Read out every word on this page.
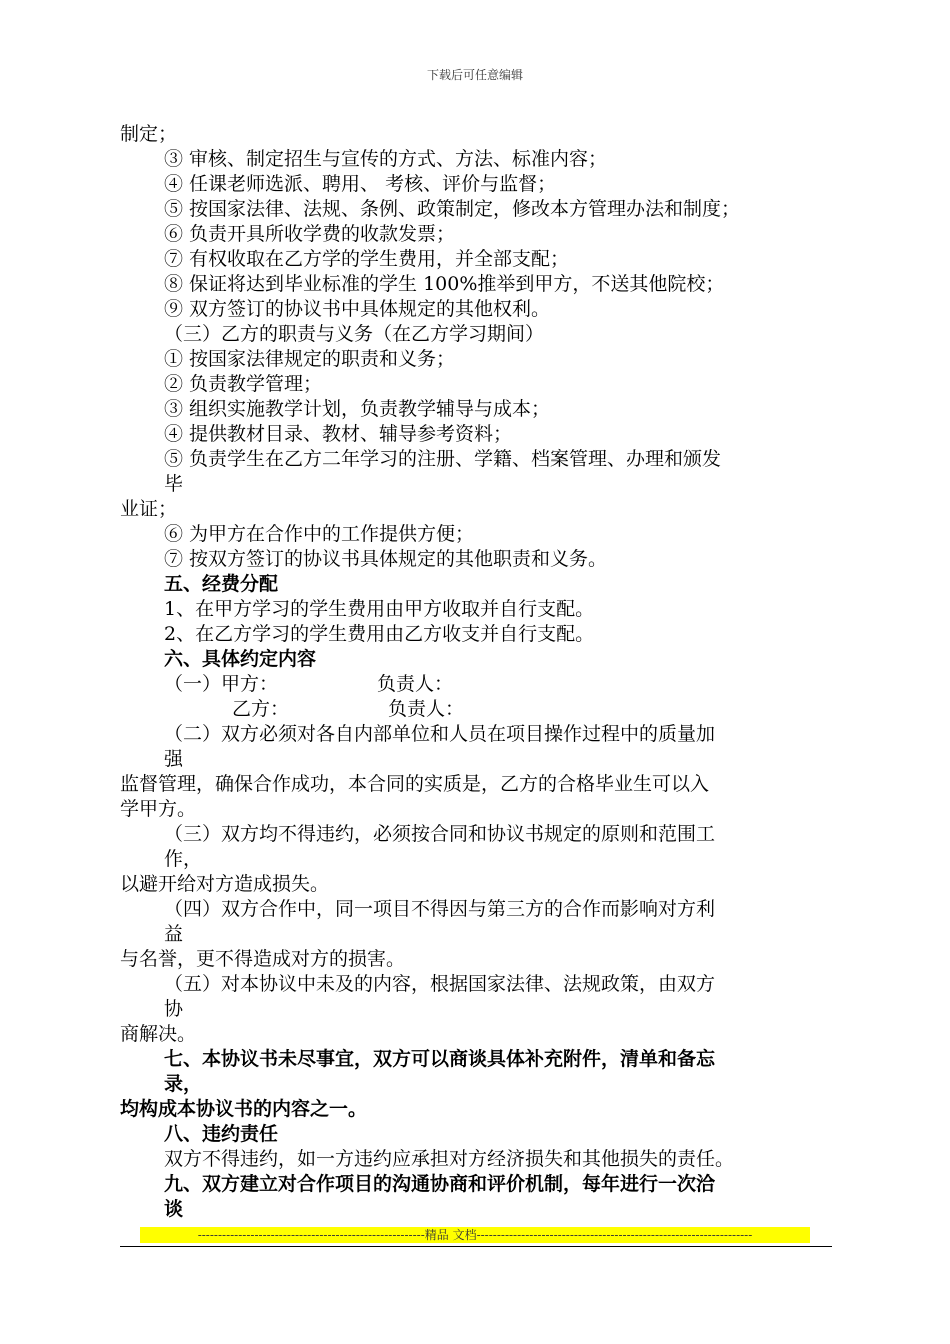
下载后可任意编辑
制定；
③ 审核、制定招生与宣传的方式、方法、标准内容；
④ 任课老师选派、聘用、 考核、评价与监督；
⑤ 按国家法律、法规、条例、政策制定，修改本方管理办法和制度；
⑥ 负责开具所收学费的收款发票；
⑦ 有权收取在乙方学的学生费用，并全部支配；
⑧ 保证将达到毕业标准的学生 100%推举到甲方，不送其他院校；
⑨ 双方签订的协议书中具体规定的其他权利。
（三）乙方的职责与义务（在乙方学习期间）
① 按国家法律规定的职责和义务；
② 负责教学管理；
③ 组织实施教学计划，负责教学辅导与成本；
④ 提供教材目录、教材、辅导参考资料；
⑤ 负责学生在乙方二年学习的注册、学籍、档案管理、办理和颁发
毕
业证；
⑥ 为甲方在合作中的工作提供方便；
⑦ 按双方签订的协议书具体规定的其他职责和义务。
五、经费分配
1、在甲方学习的学生费用由甲方收取并自行支配。
2、在乙方学习的学生费用由乙方收支并自行支配。
六、具体约定内容
（一）甲方：	负责人：
乙方：	负责人：
（二）双方必须对各自内部单位和人员在项目操作过程中的质量加
强
监督管理，确保合作成功，本合同的实质是，乙方的合格毕业生可以入
学甲方。
（三）双方均不得违约，必须按合同和协议书规定的原则和范围工
作，
以避开给对方造成损失。
（四）双方合作中，同一项目不得因与第三方的合作而影响对方利
益
与名誉，更不得造成对方的损害。
（五）对本协议中未及的内容，根据国家法律、法规政策，由双方
协
商解决。
七、本协议书未尽事宜，双方可以商谈具体补充附件，清单和备忘
录，
均构成本协议书的内容之一。
八、违约责任
双方不得违约，如一方违约应承担对方经济损失和其他损失的责任。
九、双方建立对合作项目的沟通协商和评价机制，每年进行一次洽
谈
--------------------------------------------------------精品 文档--------------------------------------------------------------------
